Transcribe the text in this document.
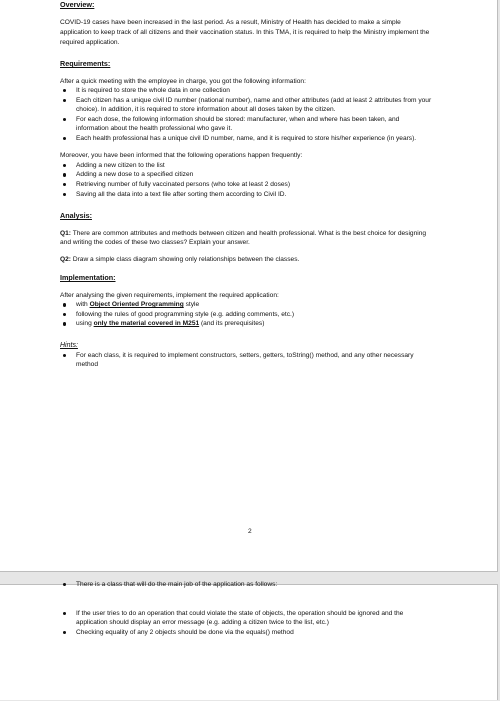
Overview:

COVID-19 cases have been increased in the last period. As a result, Ministry of Health has decided to make a simple application to keep track of all citizens and their vaccination status. In this TMA, it is required to help the Ministry implement the required application.

Requirements:

After a quick meeting with the employee in charge, you got the following information:

It is required to store the whole data in one collection
Each citizen has a unique civil ID number (national number), name and other attributes (add at least 2 attributes from your choice). In addition, it is required to store information about all doses taken by the citizen.
For each dose, the following information should be stored: manufacturer, when and where has been taken, and information about the health professional who gave it.
Each health professional has a unique civil ID number, name, and it is required to store his/her experience (in years).

Moreover, you have been informed that the following operations happen frequently:

Adding a new citizen to the list
Adding a new dose to a specified citizen
Retrieving number of fully vaccinated persons (who toke at least 2 doses)
Saving all the data into a text file after sorting them according to Civil ID.

Analysis:

Q1: There are common attributes and methods between citizen and health professional. What is the best choice for designing and writing the codes of these two classes? Explain your answer.

Q2: Draw a simple class diagram showing only relationships between the classes.

Implementation:

After analysing the given requirements, implement the required application:

with Object Oriented Programming style
following the rules of good programming style (e.g. adding comments, etc.)
using only the material covered in M251 (and its prerequisites)

Hints:

For each class, it is required to implement constructors, setters, getters, toString() method, and any other necessary method
2
There is a class that will do the main job of the application as follows:
If the user tries to do an operation that could violate the state of objects, the operation should be ignored and the application should display an error message (e.g. adding a citizen twice to the list, etc.)
Checking equality of any 2 objects should be done via the equals() method
